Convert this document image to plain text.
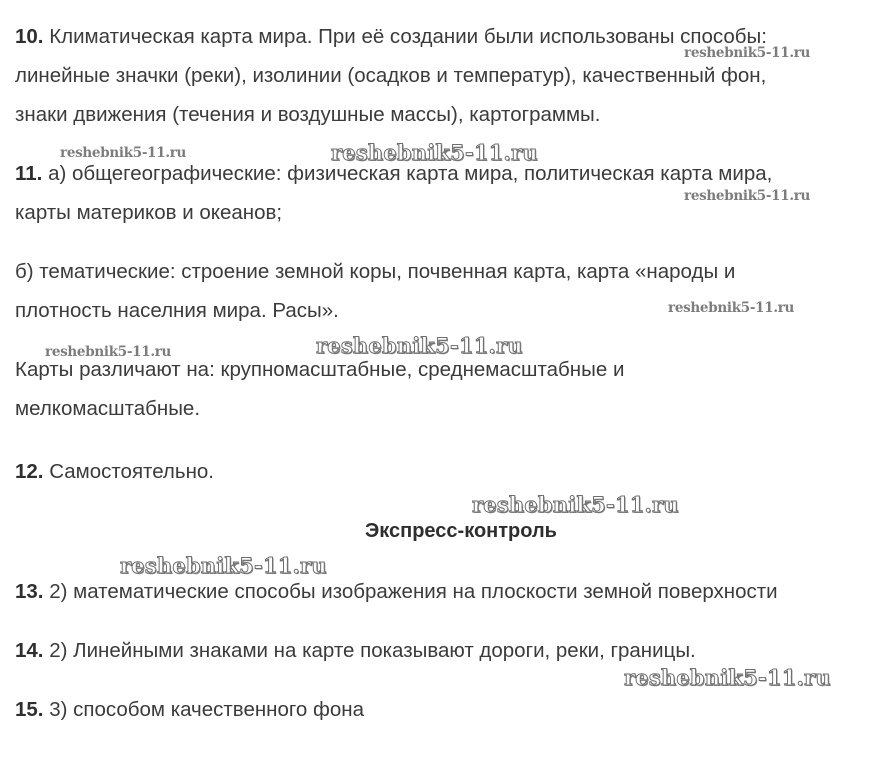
10. Климатическая карта мира. При её создании были использованы способы:
линейные значки (реки), изолинии (осадков и температур), качественный фон,
знаки движения (течения и воздушные массы), картограммы.
11. а) общегеографические: физическая карта мира, политическая карта мира,
карты материков и океанов;
б) тематические: строение земной коры, почвенная карта, карта «народы и
плотность населния мира. Расы».
Карты различают на: крупномасштабные, среднемасштабные и
мелкомасштабные.
12. Самостоятельно.
Экспресс-контроль
13. 2) математические способы изображения на плоскости земной поверхности
14. 2) Линейными знаками на карте показывают дороги, реки, границы.
15. 3) способом качественного фона
reshebnik5-11.ru
reshebnik5-11.ru	reshebnik5-11.ru
reshebnik5-11.ru
reshebnik5-11.ru
reshebnik5-11.ru	reshebnik5-11.ru
reshebnik5-11.ru
reshebnik5-11.ru
reshebnik5-11.ru
